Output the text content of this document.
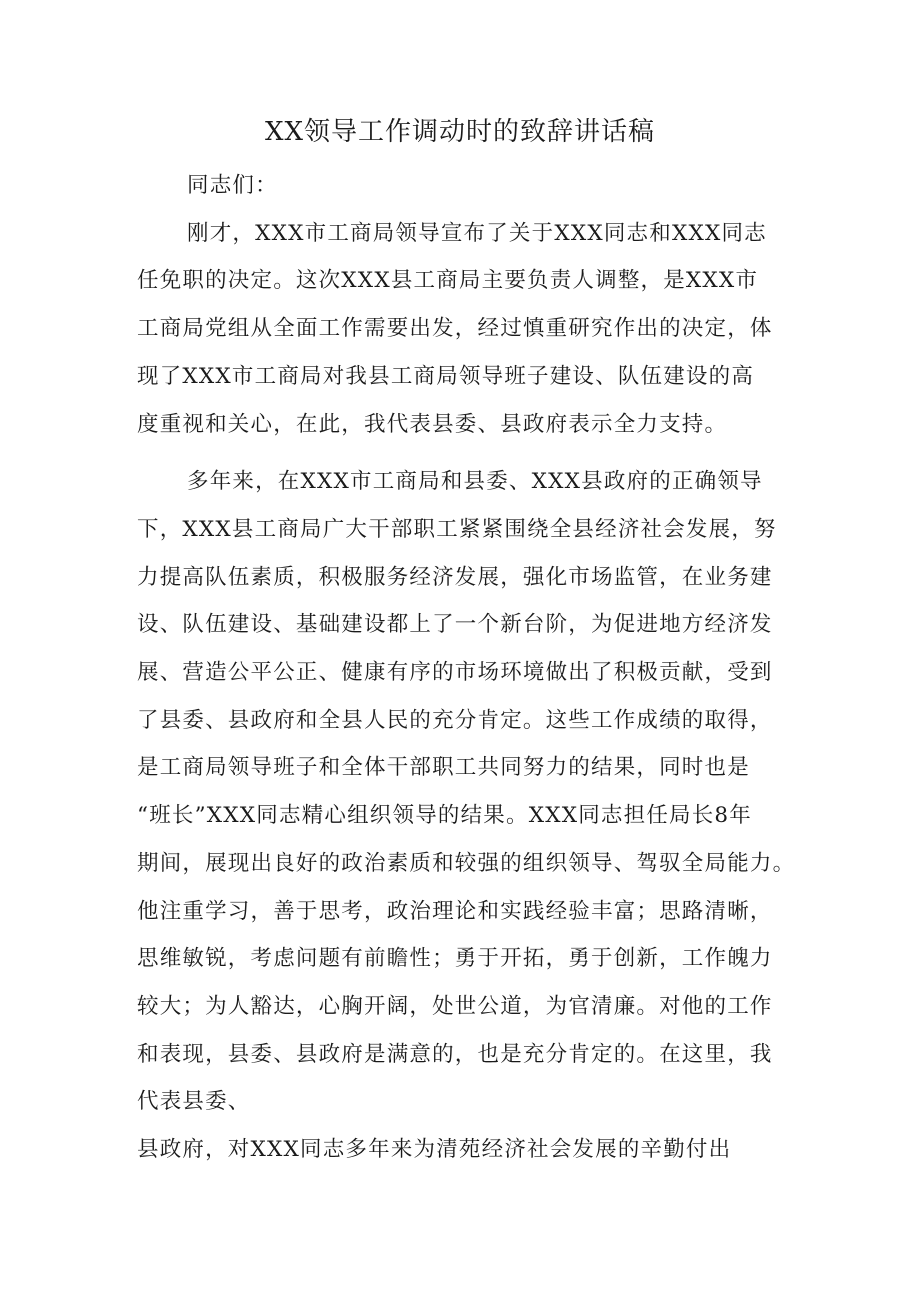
XX领导工作调动时的致辞讲话稿
同志们：
刚才，XXX市工商局领导宣布了关于XXX同志和XXX同志
任免职的决定。这次XXX县工商局主要负责人调整，是XXX市
工商局党组从全面工作需要出发，经过慎重研究作出的决定，体
现了XXX市工商局对我县工商局领导班子建设、队伍建设的高
度重视和关心，在此，我代表县委、县政府表示全力支持。
多年来，在XXX市工商局和县委、XXX县政府的正确领导
下，XXX县工商局广大干部职工紧紧围绕全县经济社会发展，努
力提高队伍素质，积极服务经济发展，强化市场监管，在业务建
设、队伍建设、基础建设都上了一个新台阶，为促进地方经济发
展、营造公平公正、健康有序的市场环境做出了积极贡献，受到
了县委、县政府和全县人民的充分肯定。这些工作成绩的取得，
是工商局领导班子和全体干部职工共同努力的结果，同时也是
“班长”XXX同志精心组织领导的结果。XXX同志担任局长8年
期间，展现出良好的政治素质和较强的组织领导、驾驭全局能力。
他注重学习，善于思考，政治理论和实践经验丰富；思路清晰，
思维敏锐，考虑问题有前瞻性；勇于开拓，勇于创新，工作魄力
较大；为人豁达，心胸开阔，处世公道，为官清廉。对他的工作
和表现，县委、县政府是满意的，也是充分肯定的。在这里，我
代表县委、
县政府，对XXX同志多年来为清苑经济社会发展的辛勤付出
